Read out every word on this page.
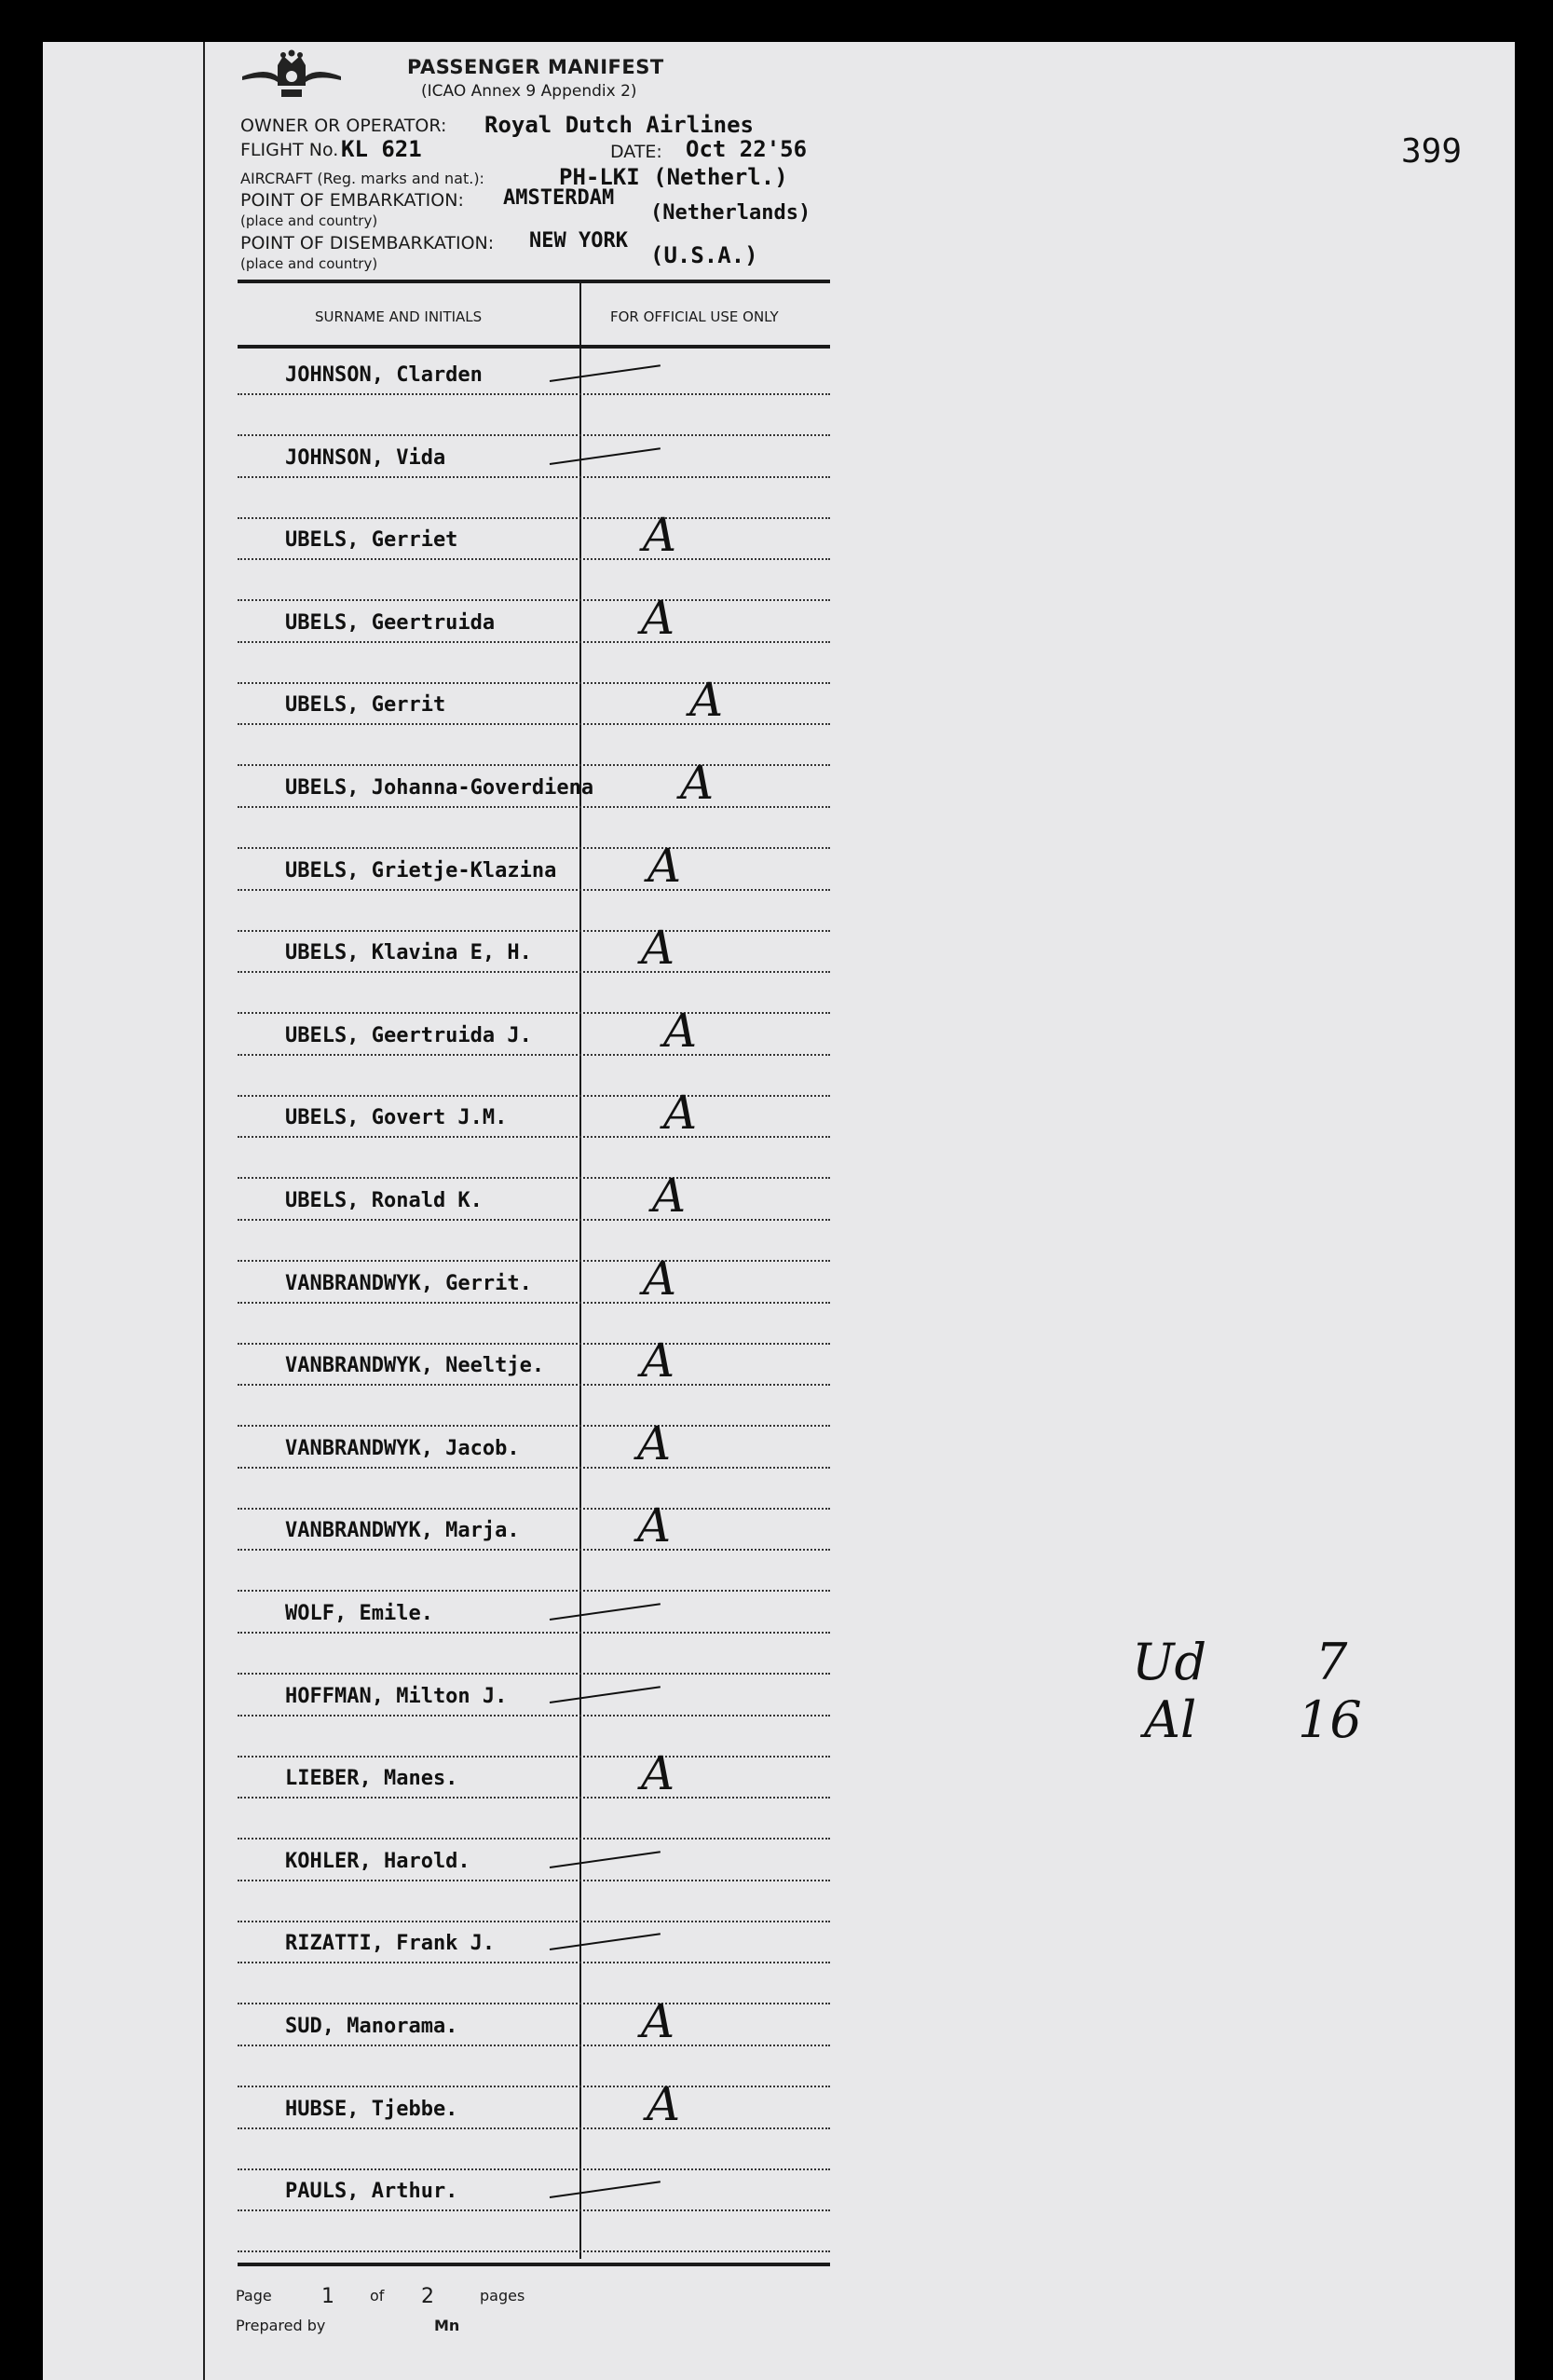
PASSENGER MANIFEST
(ICAO Annex 9 Appendix 2)
OWNER OR OPERATOR: Royal Dutch Airlines
FLIGHT No. KL 621	DATE: Oct 22'56
AIRCRAFT (Reg. marks and nat.):	PH-LKI (Netherl.)
POINT OF EMBARKATION:
(place and country)
AMSTERDAM
(Netherlands)
POINT OF DISEMBARKATION:
(place and country)
NEW YORK
(U.S.A.)
399
SURNAME AND INITIALS	FOR OFFICIAL USE ONLY
JOHNSON, Clarden
JOHNSON, Vida
UBELS, Gerriet	A
UBELS, Geertruida	A
UBELS, Gerrit	A
UBELS, Johanna-Goverdiena A
UBELS, Grietje-Klazina A
UBELS, Klavina E, H. A
UBELS, Geertruida J.	A
UBELS, Govert J.M.	A
UBELS, Ronald K.	A
VANBRANDWYK, Gerrit. A
VANBRANDWYK, Neeltje. A
VANBRANDWYK, Jacob.	A
VANBRANDWYK, Marja.	A
WOLF, Emile.
HOFFMAN, Milton J.
LIEBER, Manes.	A
KOHLER, Harold.
RIZATTI, Frank J.
SUD, Manorama.	A
HUBSE, Tjebbe.	A
PAULS, Arthur.
Ud 7
Al 16
Page 1 of 2	pages
Prepared by	Mn
